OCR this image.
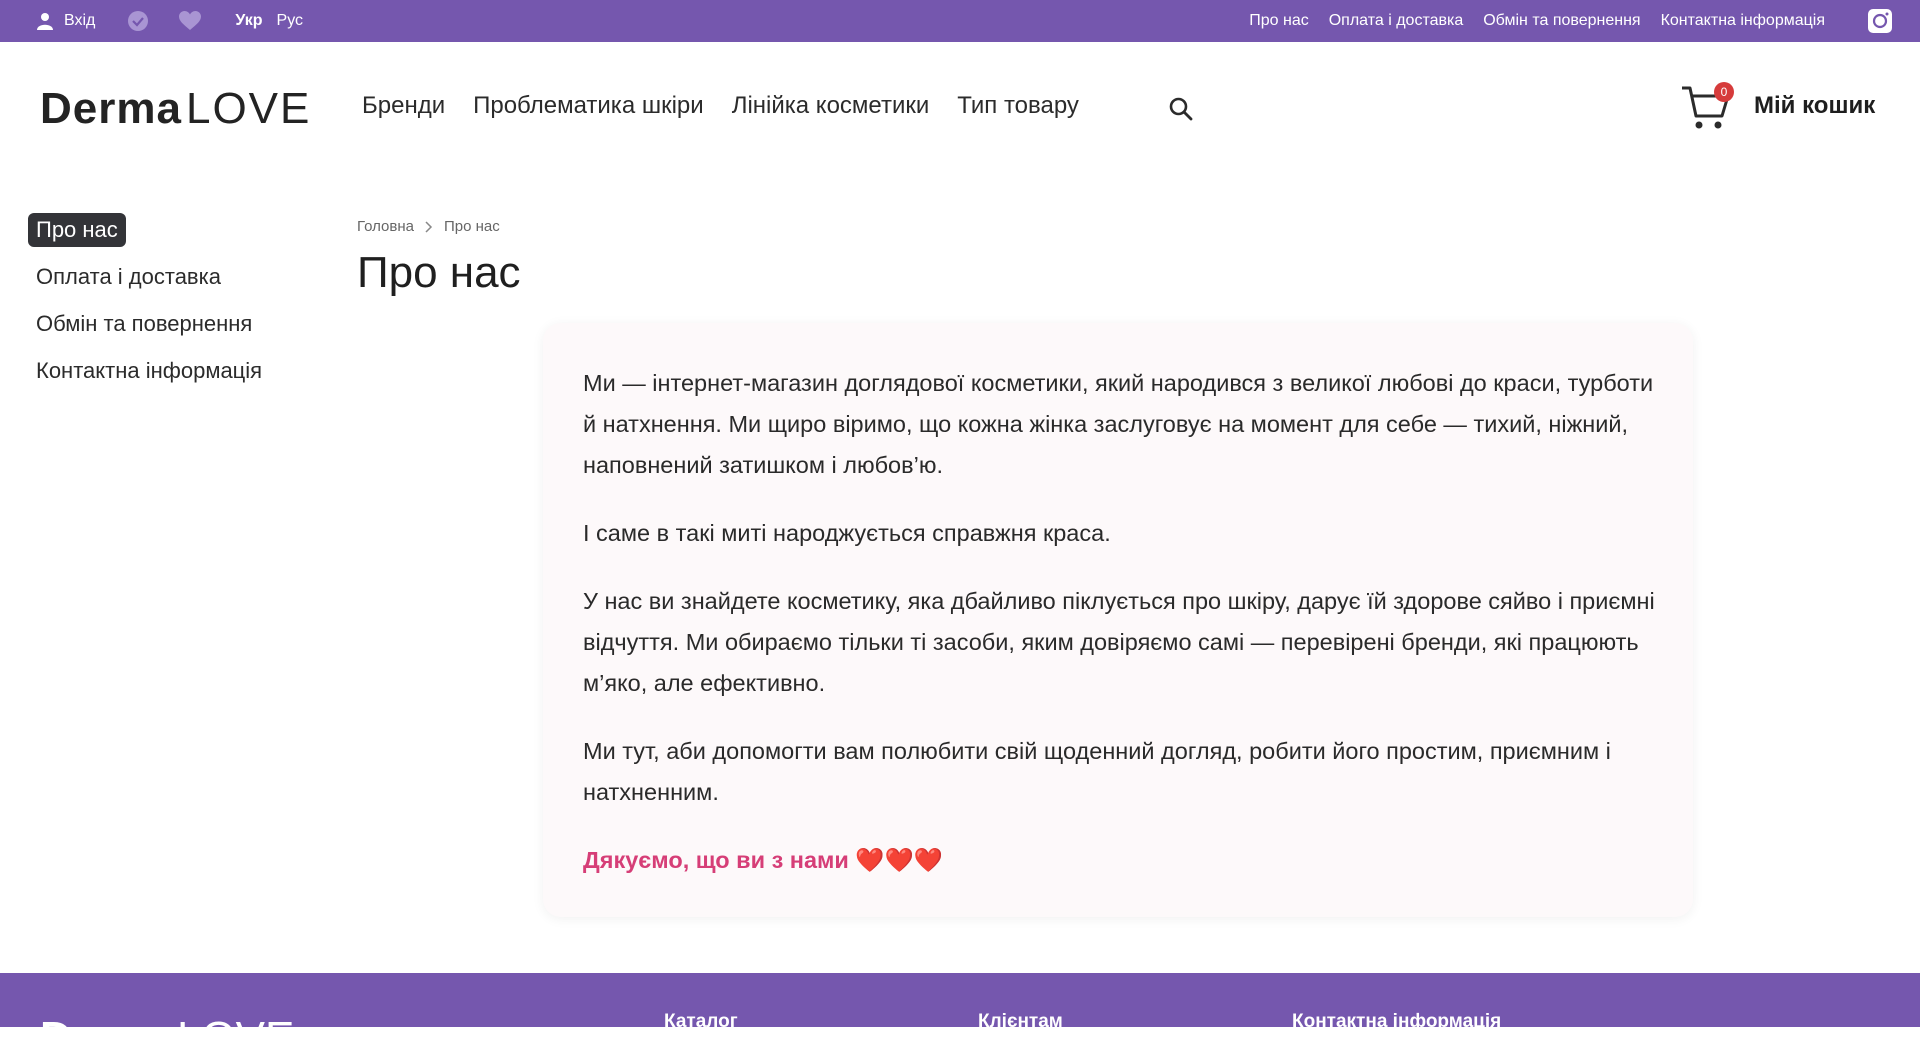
Вхід	Укр Рус	Про нас Оплата і доставка Обмін та повернення Контактна інформація
Derma LOVE Бренди Проблематика шкіри Лінійка косметики Тип товару	0 Мій кошик
Про нас
Оплата і доставка
Обмін та повернення
Контактна інформація
Головна Про нас
Про нас

Ми — інтернет-магазин доглядової косметики, який народився з великої любові до краси, турботи й натхнення. Ми щиро віримо, що кожна жінка заслуговує на момент для себе — тихий, ніжний, наповнений затишком і любов’ю.

І саме в такі миті народжується справжня краса.

У нас ви знайдете косметику, яка дбайливо піклується про шкіру, дарує їй здорове сяйво і приємні відчуття. Ми обираємо тільки ті засоби, яким довіряємо самі — перевірені бренди, які працюють м’яко, але ефективно.

Ми тут, аби допомогти вам полюбити свій щоденний догляд, робити його простим, приємним і натхненним.

Дякуємо, що ви з нами ❤️❤️❤️

DermaLOVE	Каталог	Клієнтам	Контактна інформація
